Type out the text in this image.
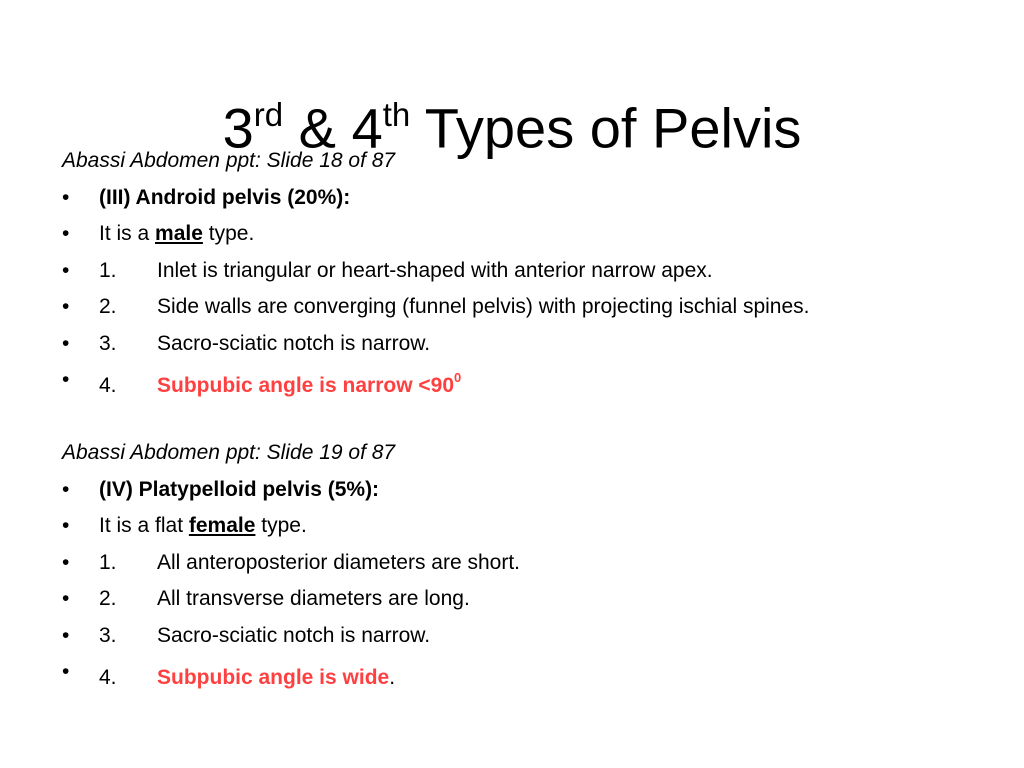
3rd & 4th Types of Pelvis
Abassi Abdomen ppt: Slide 18 of 87
•	(III) Android pelvis (20%):
•	It is a male type.
•	1. Inlet is triangular or heart-shaped with anterior narrow apex.
•	2. Side walls are converging (funnel pelvis) with projecting ischial spines.
•	3. Sacro-sciatic notch is narrow.
•	4. Subpubic angle is narrow $<90^0$
Abassi Abdomen ppt: Slide 19 of 87
•	(IV) Platypelloid pelvis (5%):
•	It is a flat female type.
•	1. All anteroposterior diameters are short.
•	2. All transverse diameters are long.
•	3. Sacro-sciatic notch is narrow.
•	4. Subpubic angle is wide.
